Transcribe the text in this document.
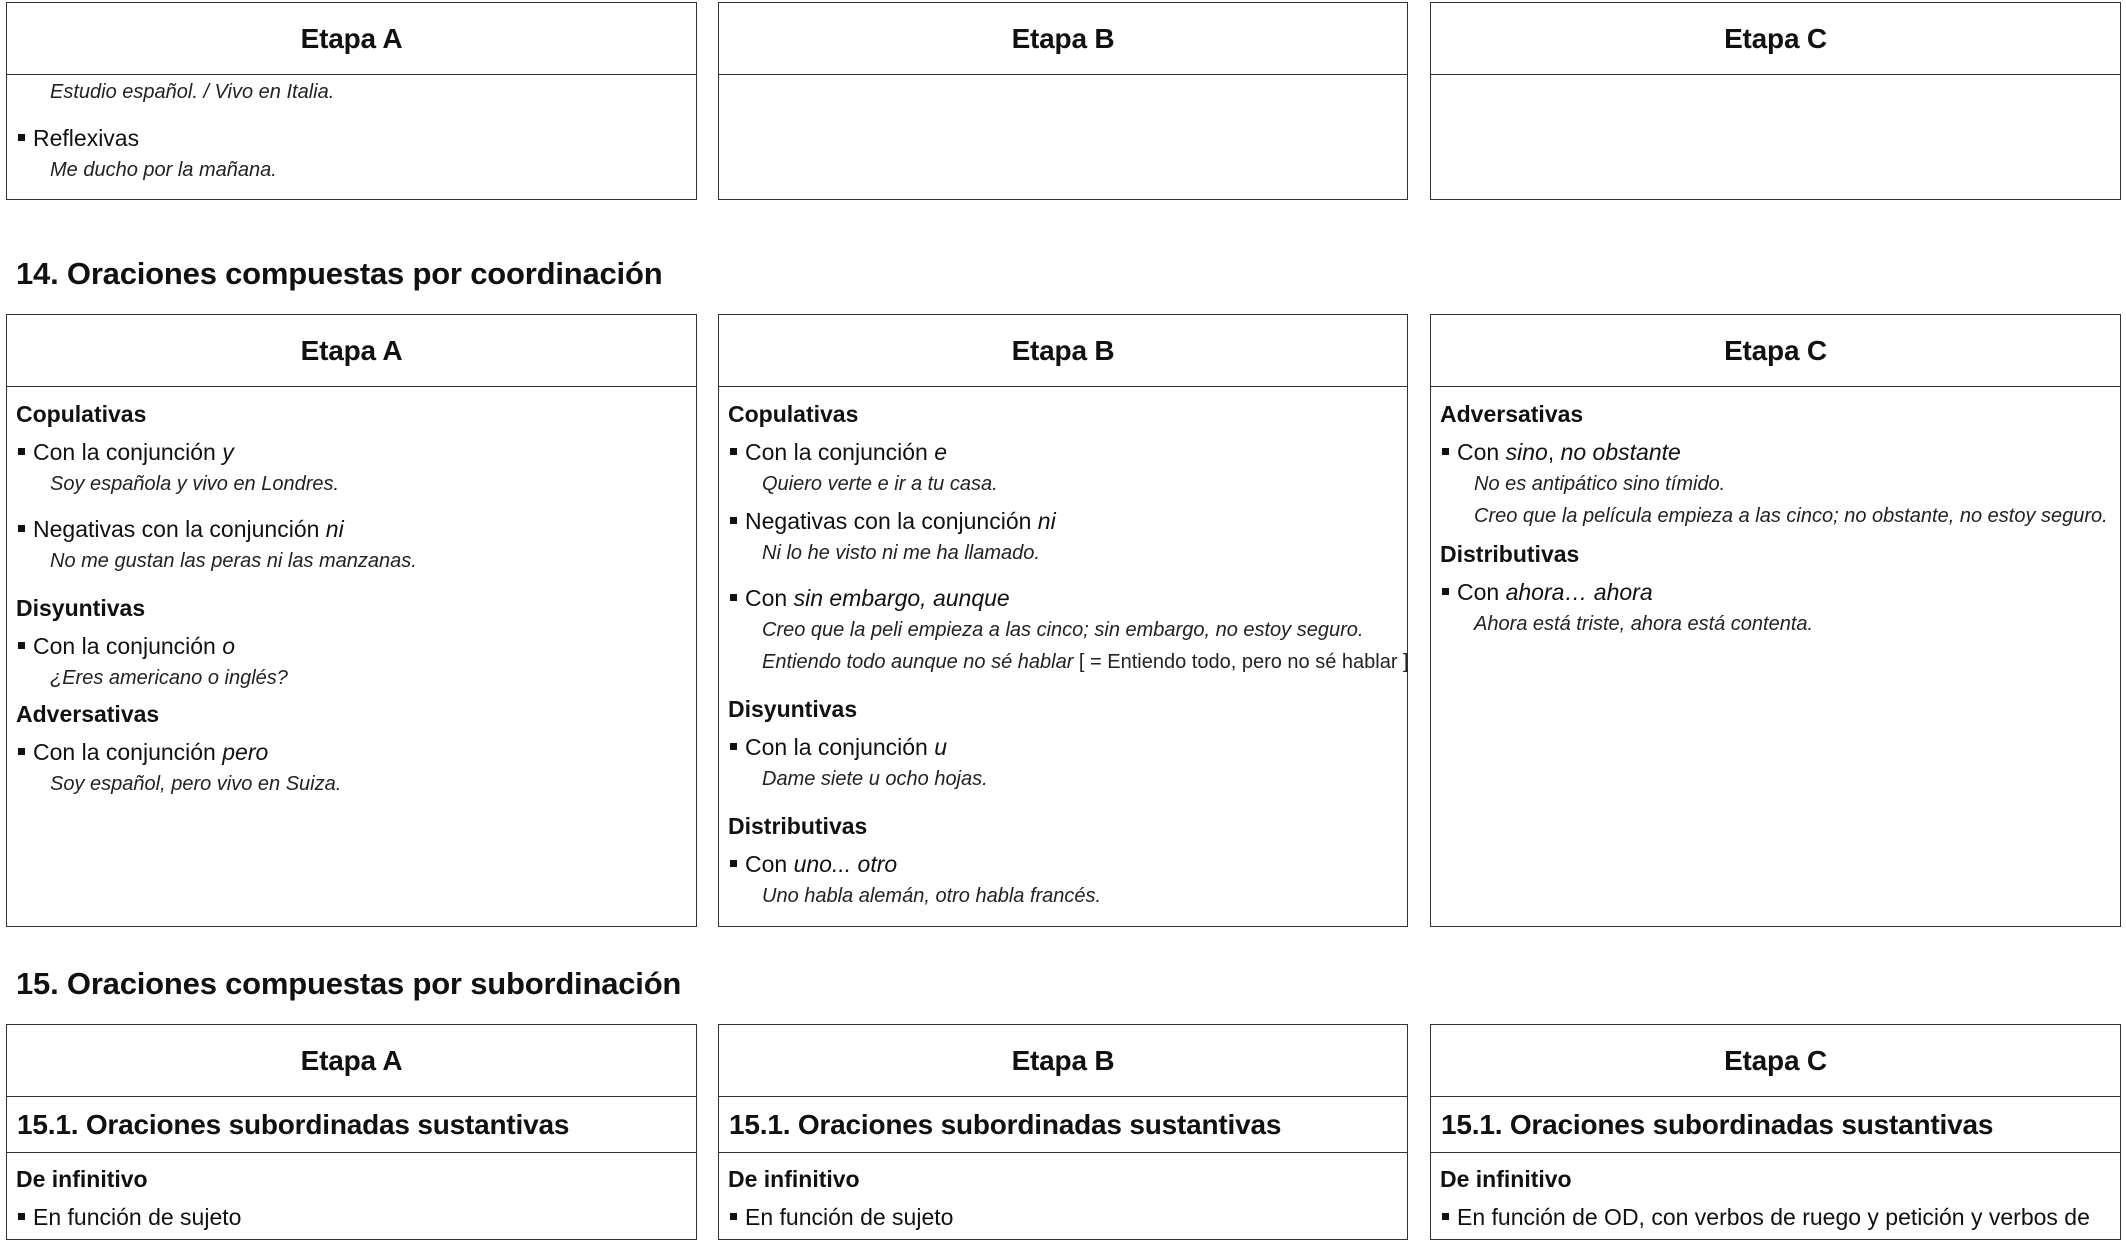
Etapa A
Estudio español. / Vivo en Italia.
Reflexivas
Me ducho por la mañana.
Etapa B	Etapa C
14. Oraciones compuestas por coordinación
Etapa A
Copulativas
Con la conjunción y
Soy española y vivo en Londres.
Negativas con la conjunción ni
No me gustan las peras ni las manzanas.
Disyuntivas
Con la conjunción o
¿Eres americano o inglés?
Adversativas
Con la conjunción pero
Soy español, pero vivo en Suiza.
Etapa B
Copulativas
Con la conjunción e
Quiero verte e ir a tu casa.
Negativas con la conjunción ni
Ni lo he visto ni me ha llamado.
Con sin embargo, aunque
Creo que la peli empieza a las cinco; sin embargo, no estoy seguro.
Entiendo todo aunque no sé hablar [ = Entiendo todo, pero no sé hablar ]
Disyuntivas
Con la conjunción u
Dame siete u ocho hojas.
Distributivas
Con uno... otro
Uno habla alemán, otro habla francés.
Etapa C
Adversativas
Con sino, no obstante
No es antipático sino tímido.
Creo que la película empieza a las cinco; no obstante, no estoy seguro.
Distributivas
Con ahora… ahora
Ahora está triste, ahora está contenta.
15. Oraciones compuestas por subordinación
Etapa A
15.1. Oraciones subordinadas sustantivas
De infinitivo
En función de sujeto
Etapa B
15.1. Oraciones subordinadas sustantivas
De infinitivo
En función de sujeto
Etapa C
15.1. Oraciones subordinadas sustantivas
De infinitivo
En función de OD, con verbos de ruego y petición y verbos de
